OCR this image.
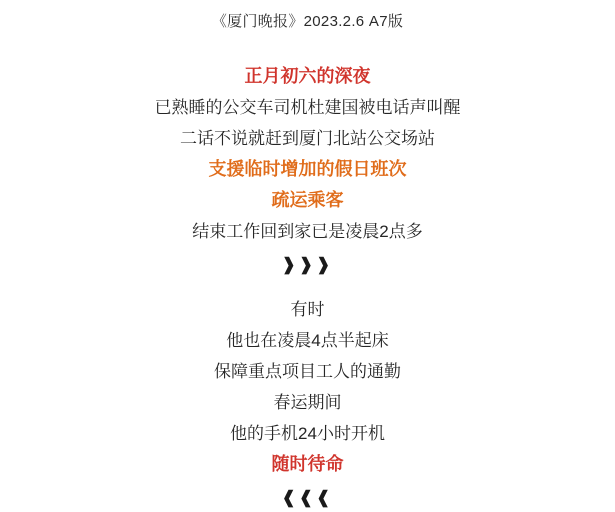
《厦门晚报》2023.2.6 A7版
正月初六的深夜
已熟睡的公交车司机杜建国被电话声叫醒
二话不说就赶到厦门北站公交场站
支援临时增加的假日班次
疏运乘客
结束工作回到家已是凌晨2点多
❱❱❱
有时
他也在凌晨4点半起床
保障重点项目工人的通勤
春运期间
他的手机24小时开机
随时待命
❰❰❰
